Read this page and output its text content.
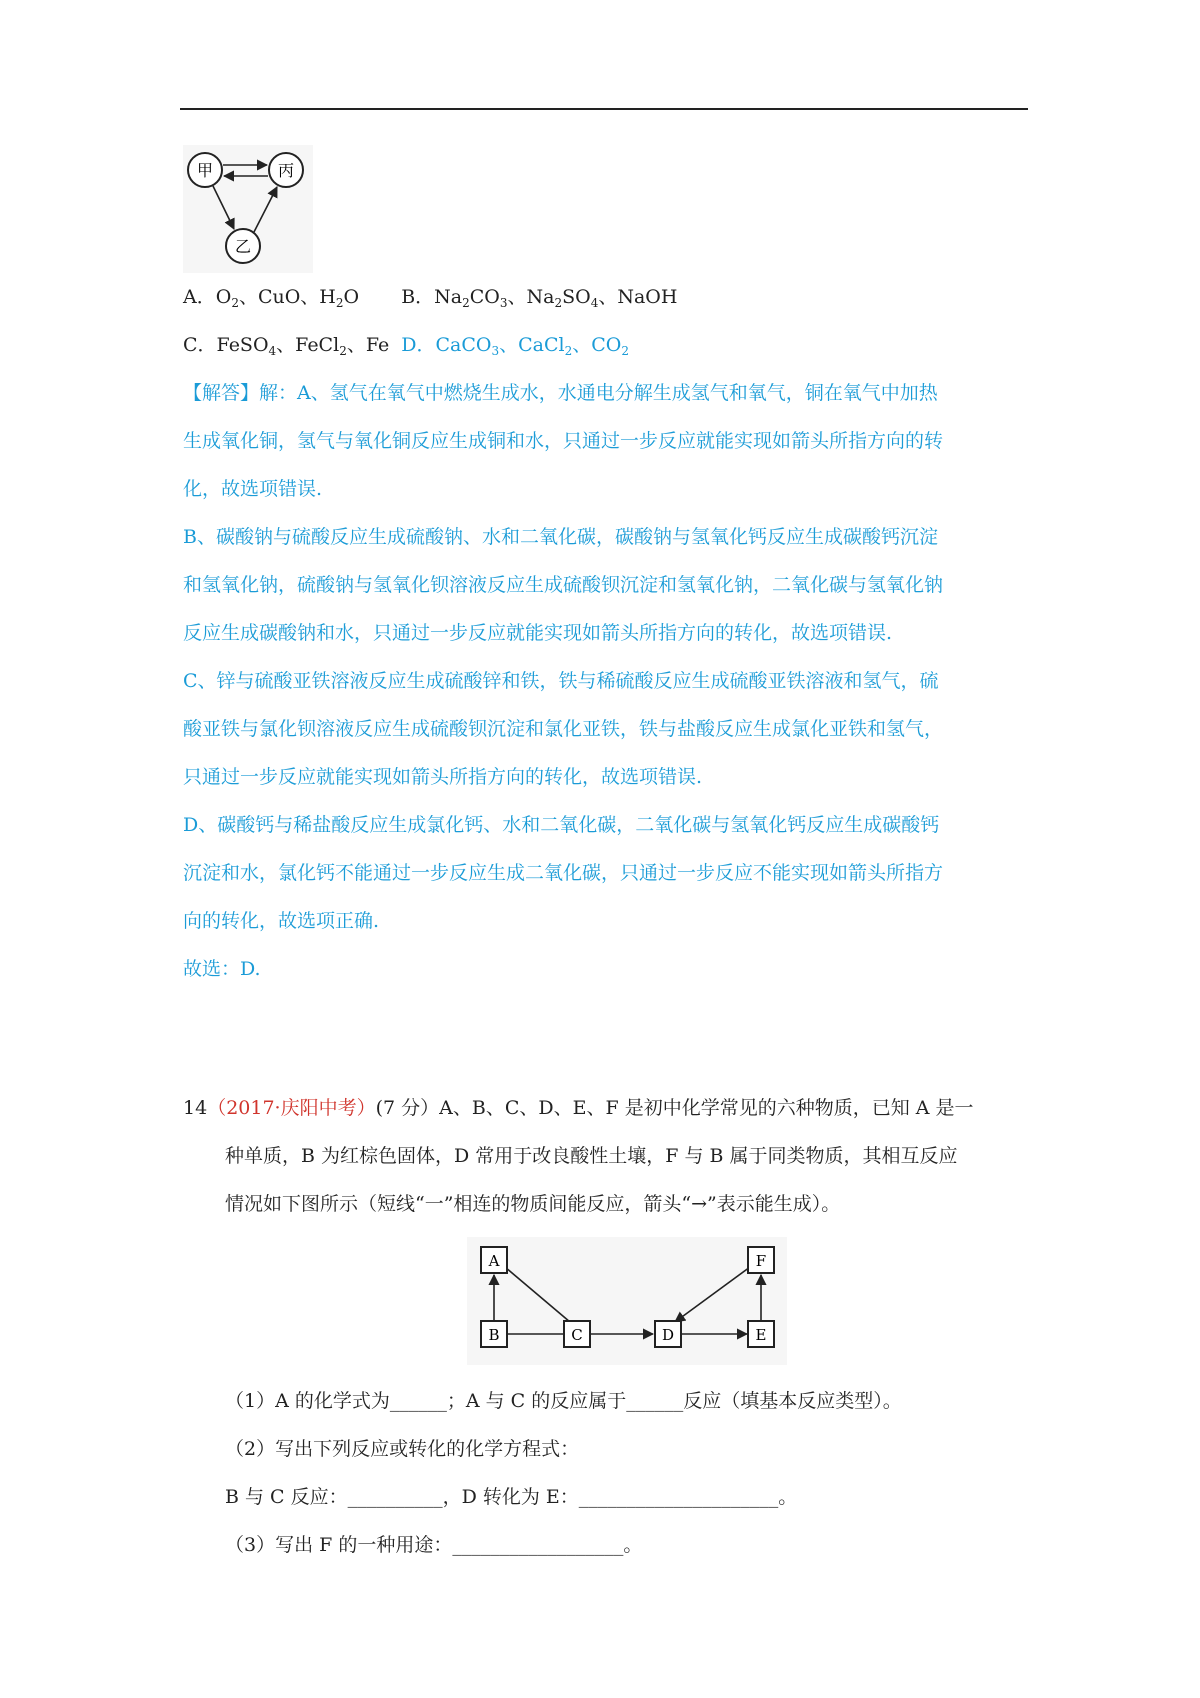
甲	丙
乙
A．$O_2$、CuO、$H_2O$ B．$Na_2CO_3$、$Na_2SO_4$、NaOH
C．FeSO$_4$、FeCl$_2$、Fe D．CaCO$_3$、CaCl$_2$、$CO_2$
【解答】解：A、氢气在氧气中燃烧生成水，水通电分解生成氢气和氧气，铜在氧气中加热
生成氧化铜，氢气与氧化铜反应生成铜和水，只通过一步反应就能实现如箭头所指方向的转
化，故选项错误.
B、碳酸钠与硫酸反应生成硫酸钠、水和二氧化碳，碳酸钠与氢氧化钙反应生成碳酸钙沉淀
和氢氧化钠，硫酸钠与氢氧化钡溶液反应生成硫酸钡沉淀和氢氧化钠，二氧化碳与氢氧化钠
反应生成碳酸钠和水，只通过一步反应就能实现如箭头所指方向的转化，故选项错误.
C、锌与硫酸亚铁溶液反应生成硫酸锌和铁，铁与稀硫酸反应生成硫酸亚铁溶液和氢气，硫
酸亚铁与氯化钡溶液反应生成硫酸钡沉淀和氯化亚铁，铁与盐酸反应生成氯化亚铁和氢气，
只通过一步反应就能实现如箭头所指方向的转化，故选项错误.
D、碳酸钙与稀盐酸反应生成氯化钙、水和二氧化碳，二氧化碳与氢氧化钙反应生成碳酸钙
沉淀和水，氯化钙不能通过一步反应生成二氧化碳，只通过一步反应不能实现如箭头所指方
向的转化，故选项正确.
故选：D.
14（2017·庆阳中考）(7 分）A、B、C、D、E、F 是初中化学常见的六种物质，已知 A 是一
种单质，B 为红棕色固体，D 常用于改良酸性土壤，F 与 B 属于同类物质，其相互反应
情况如下图所示（短线“一”相连的物质间能反应，箭头“→”表示能生成）。
A
B	C	D	E
F
（1）A 的化学式为______；A 与 C 的反应属于______反应（填基本反应类型）。
（2）写出下列反应或转化的化学方程式：
B 与 C 反应：__________，D 转化为 E：_____________________。
（3）写出 F 的一种用途：__________________。
